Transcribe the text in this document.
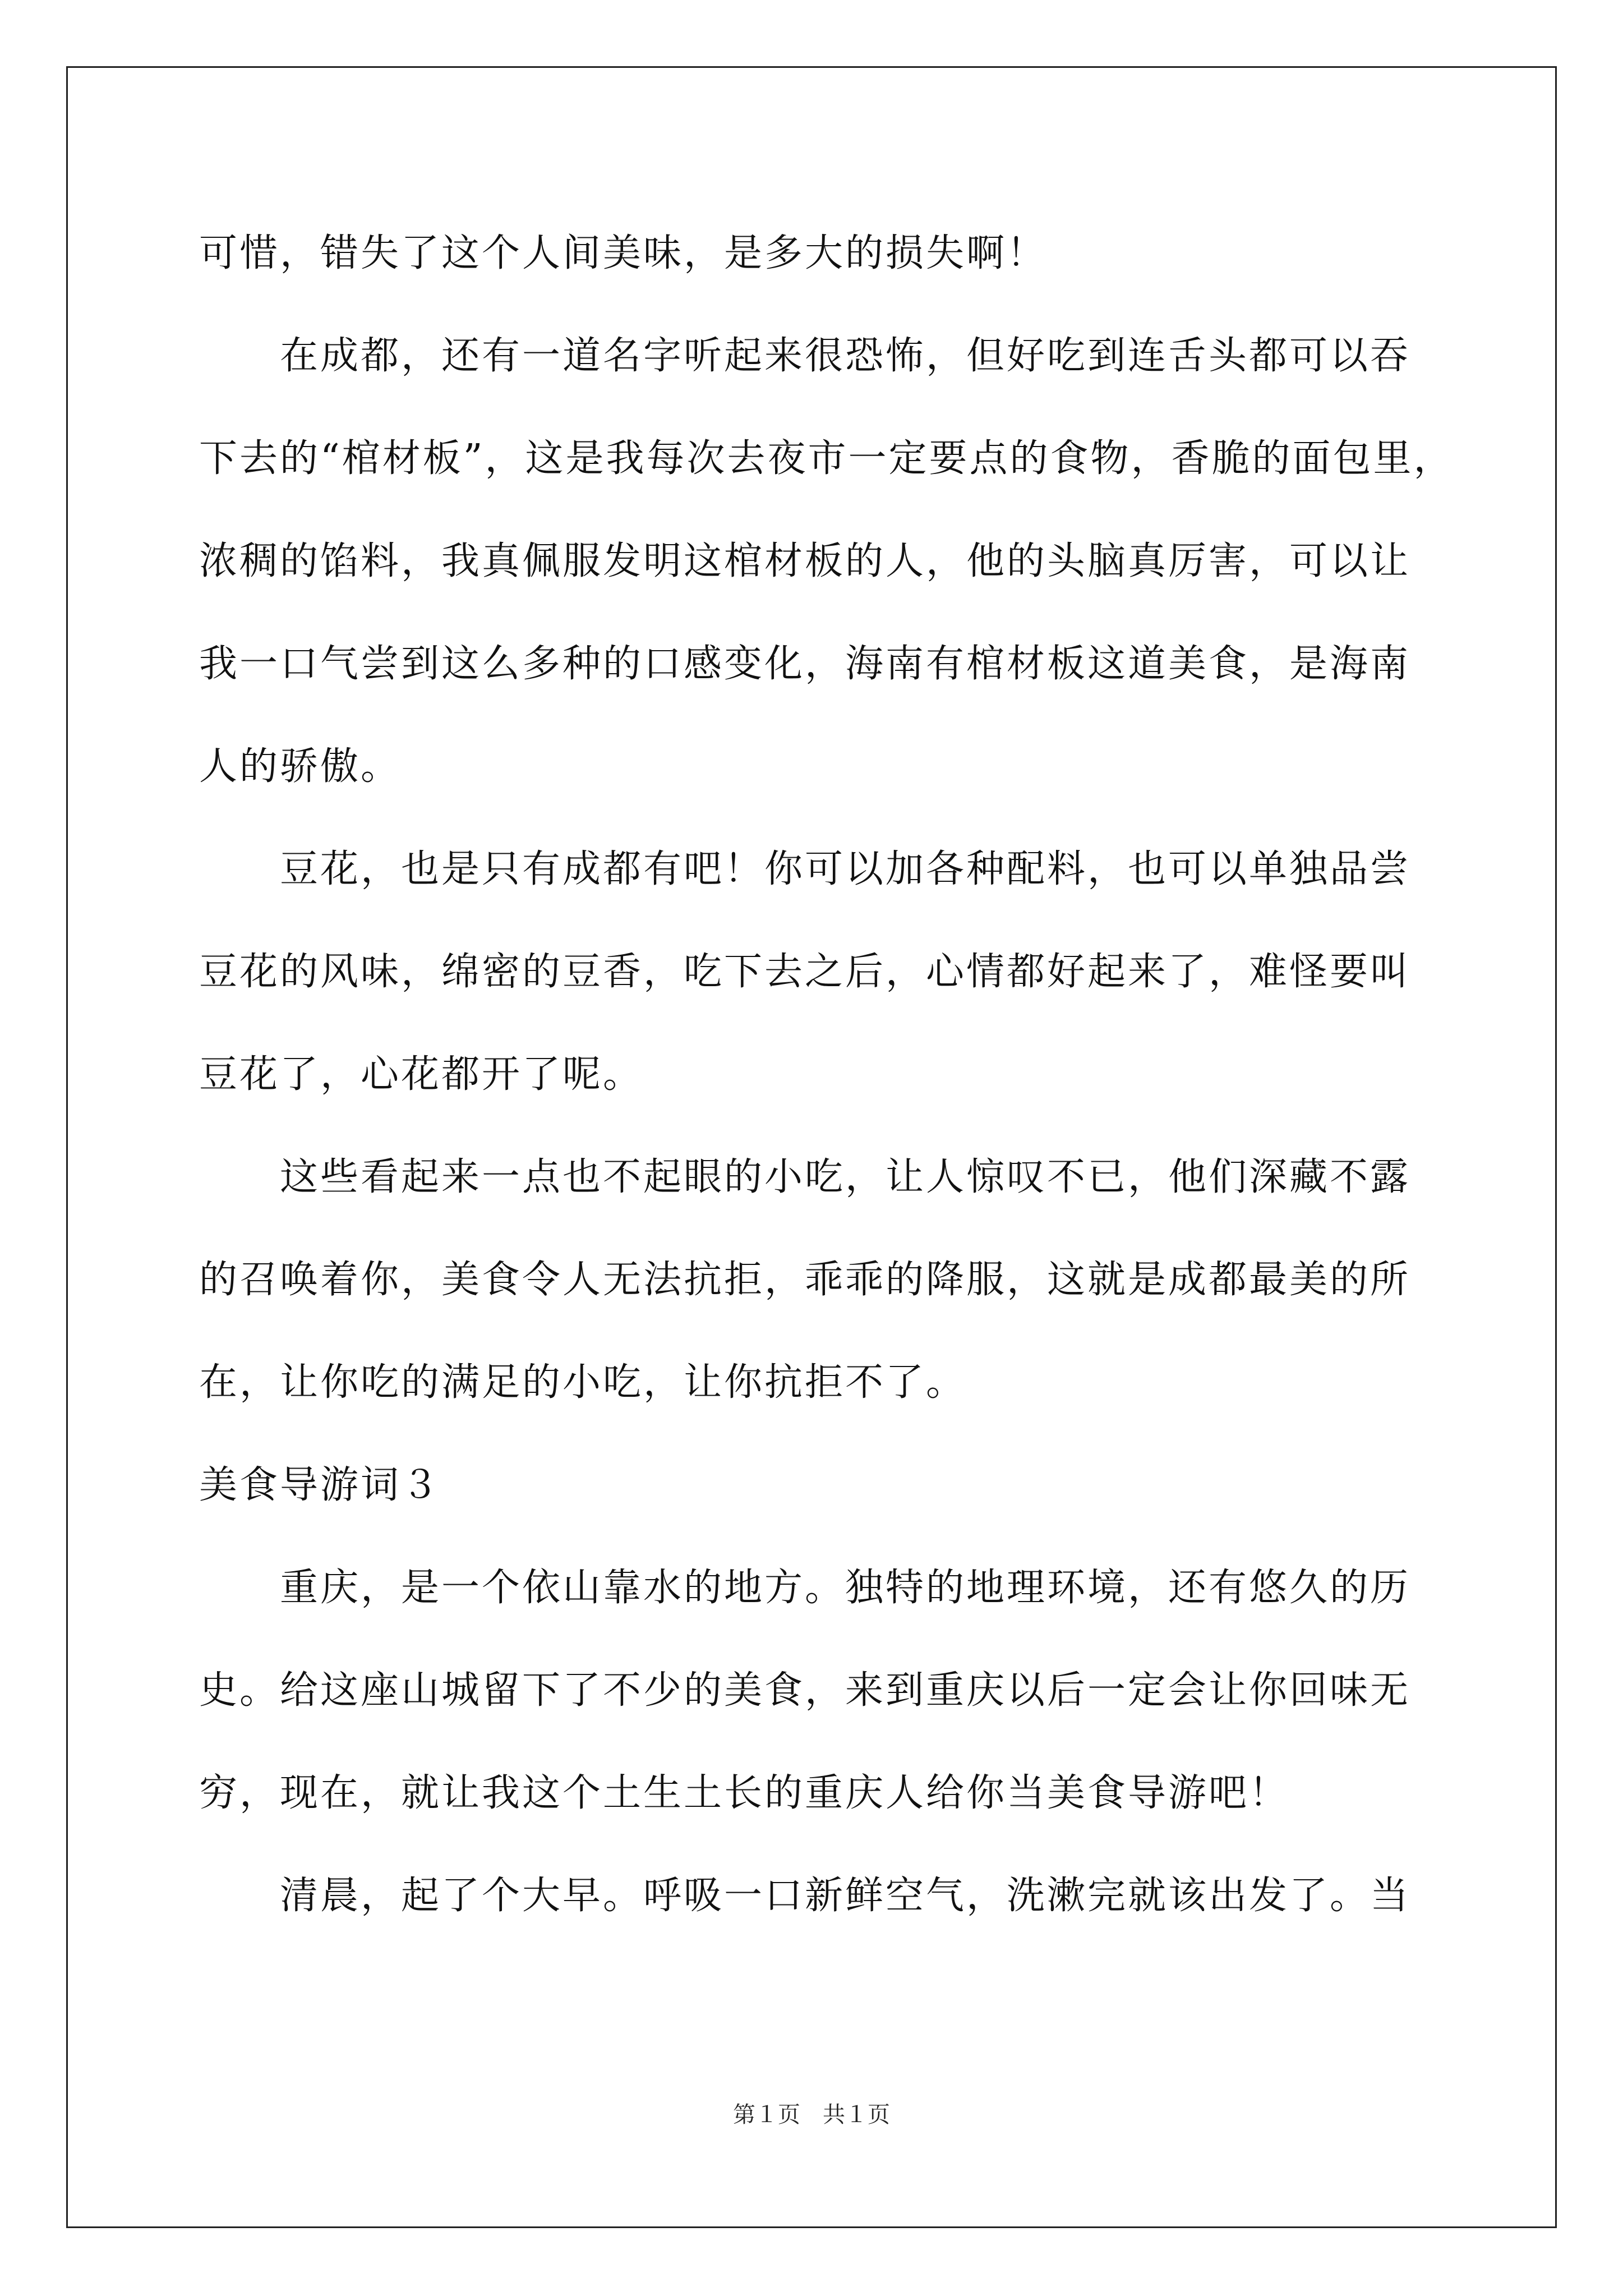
可惜，错失了这个人间美味，是多大的损失啊！
　　在成都，还有一道名字听起来很恐怖，但好吃到连舌头都可以吞
下去的“棺材板”，这是我每次去夜市一定要点的食物，香脆的面包里，
浓稠的馅料，我真佩服发明这棺材板的人，他的头脑真厉害，可以让
我一口气尝到这么多种的口感变化，海南有棺材板这道美食，是海南
人的骄傲。
　　豆花，也是只有成都有吧！你可以加各种配料，也可以单独品尝
豆花的风味，绵密的豆香，吃下去之后，心情都好起来了，难怪要叫
豆花了，心花都开了呢。
　　这些看起来一点也不起眼的小吃，让人惊叹不已，他们深藏不露
的召唤着你，美食令人无法抗拒，乖乖的降服，这就是成都最美的所
在，让你吃的满足的小吃，让你抗拒不了。
美食导游词３
　　重庆，是一个依山靠水的地方。独特的地理环境，还有悠久的历
史。给这座山城留下了不少的美食，来到重庆以后一定会让你回味无
穷，现在，就让我这个土生土长的重庆人给你当美食导游吧！
　　清晨，起了个大早。呼吸一口新鲜空气，洗漱完就该出发了。当
第１页　共１页
